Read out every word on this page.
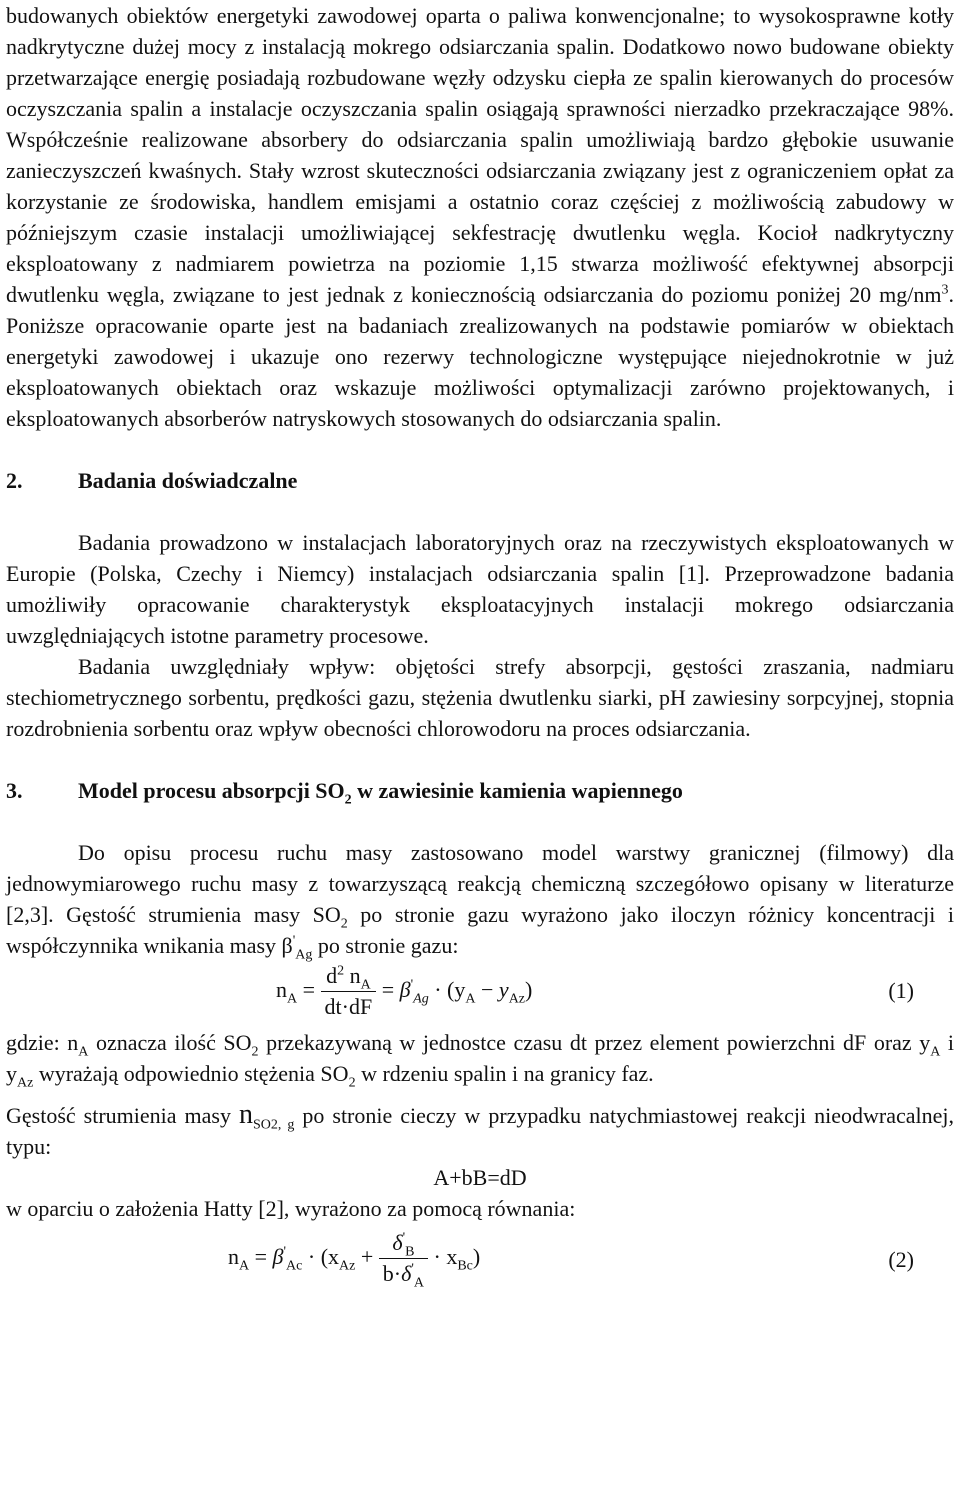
budowanych obiektów energetyki zawodowej oparta o paliwa konwencjonalne; to wysokosprawne kotły nadkrytyczne dużej mocy z instalacją mokrego odsiarczania spalin. Dodatkowo nowo budowane obiekty przetwarzające energię posiadają rozbudowane węzły odzysku ciepła ze spalin kierowanych do procesów oczyszczania spalin a instalacje oczyszczania spalin osiągają sprawności nierzadko przekraczające 98%. Współcześnie realizowane absorbery do odsiarczania spalin umożliwiają bardzo głębokie usuwanie zanieczyszczeń kwaśnych. Stały wzrost skuteczności odsiarczania związany jest z ograniczeniem opłat za korzystanie ze środowiska, handlem emisjami a ostatnio coraz częściej z możliwością zabudowy w późniejszym czasie instalacji umożliwiającej sekfestrację dwutlenku węgla. Kocioł nadkrytyczny eksploatowany z nadmiarem powietrza na poziomie 1,15 stwarza możliwość efektywnej absorpcji dwutlenku węgla, związane to jest jednak z koniecznością odsiarczania do poziomu poniżej 20 $mg/nm^3$. Poniższe opracowanie oparte jest na badaniach zrealizowanych na podstawie pomiarów w obiektach energetyki zawodowej i ukazuje ono rezerwy technologiczne występujące niejednokrotnie w już eksploatowanych obiektach oraz wskazuje możliwości optymalizacji zarówno projektowanych, i eksploatowanych absorberów natryskowych stosowanych do odsiarczania spalin.

2.	Badania doświadczalne

Badania prowadzono w instalacjach laboratoryjnych oraz na rzeczywistych eksploatowanych w Europie (Polska, Czechy i Niemcy) instalacjach odsiarczania spalin [1]. Przeprowadzone badania umożliwiły opracowanie charakterystyk eksploatacyjnych instalacji mokrego odsiarczania uwzględniających istotne parametry procesowe.

Badania uwzględniały wpływ: objętości strefy absorpcji, gęstości zraszania, nadmiaru stechiometrycznego sorbentu, prędkości gazu, stężenia dwutlenku siarki, pH zawiesiny sorpcyjnej, stopnia rozdrobnienia sorbentu oraz wpływ obecności chlorowodoru na proces odsiarczania.

3.	Model procesu absorpcji $SO_2$ w zawiesinie kamienia wapiennego

Do opisu procesu ruchu masy zastosowano model warstwy granicznej (filmowy) dla jednowymiarowego ruchu masy z towarzyszącą reakcją chemiczną szczegółowo opisany w literaturze [2,3]. Gęstość strumienia masy $SO_2$ po stronie gazu wyrażono jako iloczyn różnicy koncentracji i współczynnika wnikania masy $\beta'_{Ag}$ po stronie gazu:

$n_A = \frac{d^2 n_A}{dt\cdot dF} = \beta'_{Ag} \cdot (y_A - y_{Az})$	(1)

gdzie: $n_A$ oznacza ilość $SO_2$ przekazywaną w jednostce czasu dt przez element powierzchni dF oraz $y_A$ i $y_{Az}$ wyrażają odpowiednio stężenia $SO_2$ w rdzeniu spalin i na granicy faz.

Gęstość strumienia masy $n_{SO2, g}$ po stronie cieczy w przypadku natychmiastowej reakcji nieodwracalnej, typu:

A+bB=dD

w oparciu o założenia Hatty [2], wyrażono za pomocą równania:

$n_A = \beta'_{Ac} \cdot (x_{Az} + \frac{\delta'_B}{b\cdot\delta'_A} \cdot x_{Bc})$	(2)
